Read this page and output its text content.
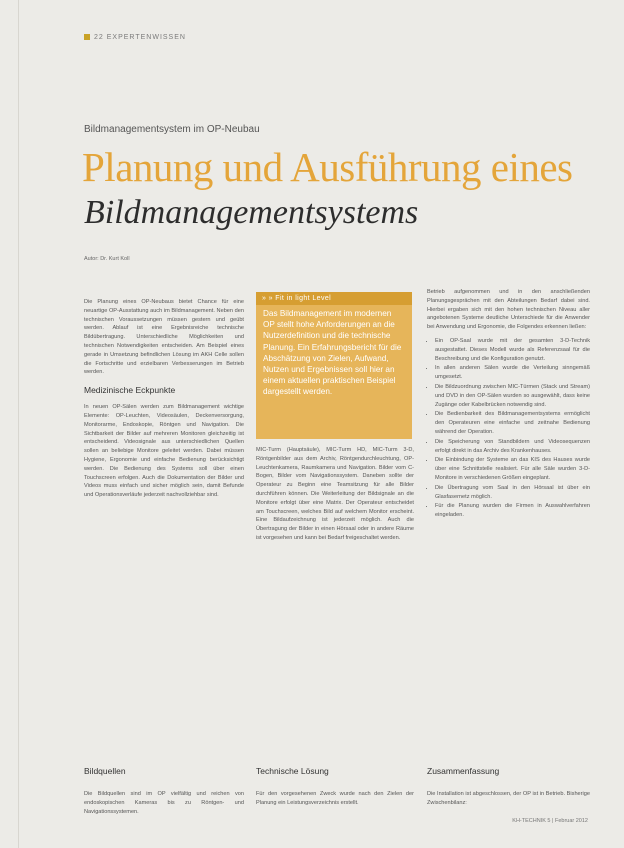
22 EXPERTENWISSEN
Bildmanagementsystem im OP-Neubau
Planung und Ausführung eines
Bildmanagementsystems
Autor: Dr. Kurt Koll

Die Planung eines OP-Neubaus bietet Chance für eine neuartige OP-Ausstattung auch im Bildmanagement. Neben den technischen Voraussetzungen müssen gestern und geübt werden. Ablauf ist eine Ergebnisreiche technische Bildübertragung. Unterschiedliche Möglichkeiten und technischen Notwendigkeiten entscheiden. Am Beispiel eines gerade in Umsetzung befindlichen Lösung im AKH Celle sollen die Fortschritte und erzielbaren Verbesserungen im Betrieb werden.

Medizinische Eckpunkte

In neuen OP-Sälen werden zum Bildmanagement wichtige Elemente: OP-Leuchten, Videosäulen, Deckenversorgung, Monitorarme, Endoskopie, Röntgen und Navigation. Die Sichtbarkeit der Bilder auf mehreren Monitoren gleichzeitig ist entscheidend. Videosignale aus unterschiedlichen Quellen sollen an beliebige Monitore geleitet werden. Dabei müssen Hygiene, Ergonomie und einfache Bedienung berücksichtigt werden. Die Bedienung des Systems soll über einen Touchscreen erfolgen. Auch die Dokumentation der Bilder und Videos muss einfach und sicher möglich sein, damit Befunde und Operationsverläufe jederzeit nachvollziehbar sind.

» » Fit in light Level
Das Bildmanagement im modernen OP stellt hohe Anforderungen an die Nutzerdefinition und die technische Planung. Ein Erfahrungsbericht für die Abschätzung von Zielen, Aufwand, Nutzen und Ergebnissen soll hier an einem aktuellen praktischen Beispiel dargestellt werden.

MIC-Turm (Hauptsäule), MIC-Turm HD, MIC-Turm 3-D, Röntgenbilder aus dem Archiv, Röntgendurchleuchtung, OP-Leuchtenkamera, Raumkamera und Navigation. Bilder vom C-Bogen, Bilder vom Navigationssystem. Daneben sollte der Operateur zu Beginn eine Teamsitzung für alle Bilder durchführen können. Die Weiterleitung der Bildsignale an die Monitore erfolgt über eine Matrix. Der Operateur entscheidet am Touchscreen, welches Bild auf welchem Monitor erscheint. Eine Bildaufzeichnung ist jederzeit möglich. Auch die Übertragung der Bilder in einen Hörsaal oder in andere Räume ist vorgesehen und kann bei Bedarf freigeschaltet werden.

Betrieb aufgenommen und in den anschließenden Planungsgesprächen mit den Abteilungen Bedarf dabei sind. Hierbei ergaben sich mit den hohen technischen Niveau aller angebotenen Systeme deutliche Unterschiede für die Anwender bei Anwendung und Ergonomie, die Folgendes erkennen ließen:

• Ein OP-Saal wurde mit der gesamten 3-D-Technik ausgestattet. Dieses Modell wurde als Referenzsaal für die Beschreibung und die Konfiguration genutzt.
• In allen anderen Sälen wurde die Verteilung sinngemäß umgesetzt.
• Die Bildzuordnung zwischen MIC-Türmen (Stack und Stream) und DVD in den OP-Sälen wurden so ausgewählt, dass keine Zugänge oder Kabelbrücken notwendig sind.
• Die Bedienbarkeit des Bildmanagementsystems ermöglicht den Operateuren eine einfache und zeitnahe Bedienung während der Operation.
• Die Speicherung von Standbildern und Videosequenzen erfolgt direkt in das Archiv des Krankenhauses.
• Die Einbindung der Systeme an das KIS des Hauses wurde über eine Schnittstelle realisiert. Für alle Säle wurden 3-D-Monitore in verschiedenen Größen eingeplant.
• Die Übertragung vom Saal in den Hörsaal ist über ein Glasfasernetz möglich.
• Für die Planung wurden die Firmen in Auswahlverfahren eingeladen.
Bildquellen	Technische Lösung	Zusammenfassung
Die Bildquellen sind im OP vielfältig und reichen von endoskopischen Kameras bis zu Röntgen- und Navigationssystemen.
Für den vorgesehenen Zweck wurde nach den Zielen der Planung ein Leistungsverzeichnis erstellt.
Die Installation ist abgeschlossen, der OP ist in Betrieb. Bisherige Zwischenbilanz:
KH-TECHNIK 5 | Februar 2012
